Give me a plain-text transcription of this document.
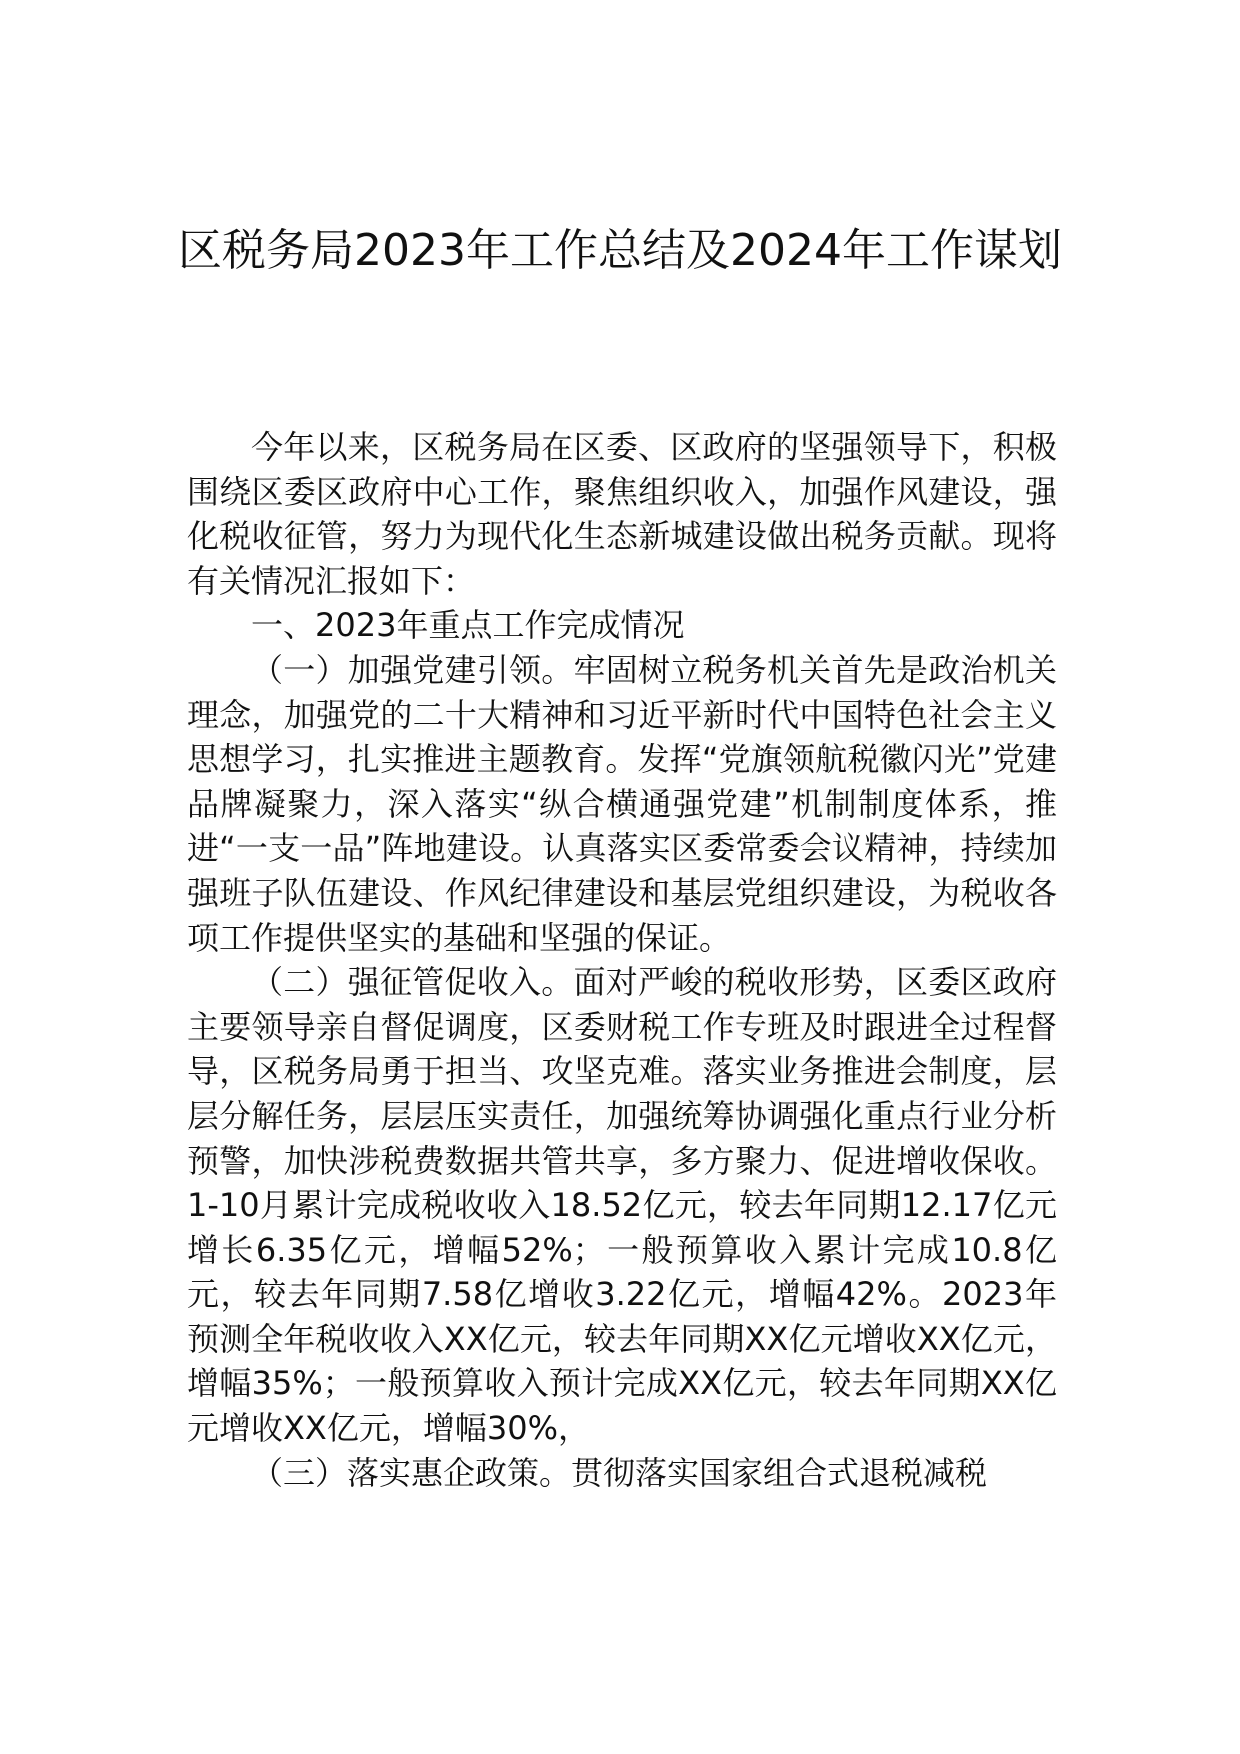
区税务局2023年工作总结及2024年工作谋划

今年以来，区税务局在区委、区政府的坚强领导下，积极围绕区委区政府中心工作，聚焦组织收入，加强作风建设，强化税收征管，努力为现代化生态新城建设做出税务贡献。现将有关情况汇报如下：

一、2023年重点工作完成情况

（一）加强党建引领。牢固树立税务机关首先是政治机关理念，加强党的二十大精神和习近平新时代中国特色社会主义思想学习，扎实推进主题教育。发挥“党旗领航税徽闪光”党建品牌凝聚力，深入落实“纵合横通强党建”机制制度体系，推进“一支一品”阵地建设。认真落实区委常委会议精神，持续加强班子队伍建设、作风纪律建设和基层党组织建设，为税收各项工作提供坚实的基础和坚强的保证。

（二）强征管促收入。面对严峻的税收形势，区委区政府主要领导亲自督促调度，区委财税工作专班及时跟进全过程督导，区税务局勇于担当、攻坚克难。落实业务推进会制度，层层分解任务，层层压实责任，加强统筹协调强化重点行业分析预警，加快涉税费数据共管共享，多方聚力、促进增收保收。1-10月累计完成税收收入18.52亿元，较去年同期12.17亿元增长6.35亿元，增幅52%；一般预算收入累计完成10.8亿元，较去年同期7.58亿增收3.22亿元，增幅42%。2023年预测全年税收收入XX亿元，较去年同期XX亿元增收XX亿元，增幅35%；一般预算收入预计完成XX亿元，较去年同期XX亿元增收XX亿元，增幅30%，

（三）落实惠企政策。贯彻落实国家组合式退税减税
